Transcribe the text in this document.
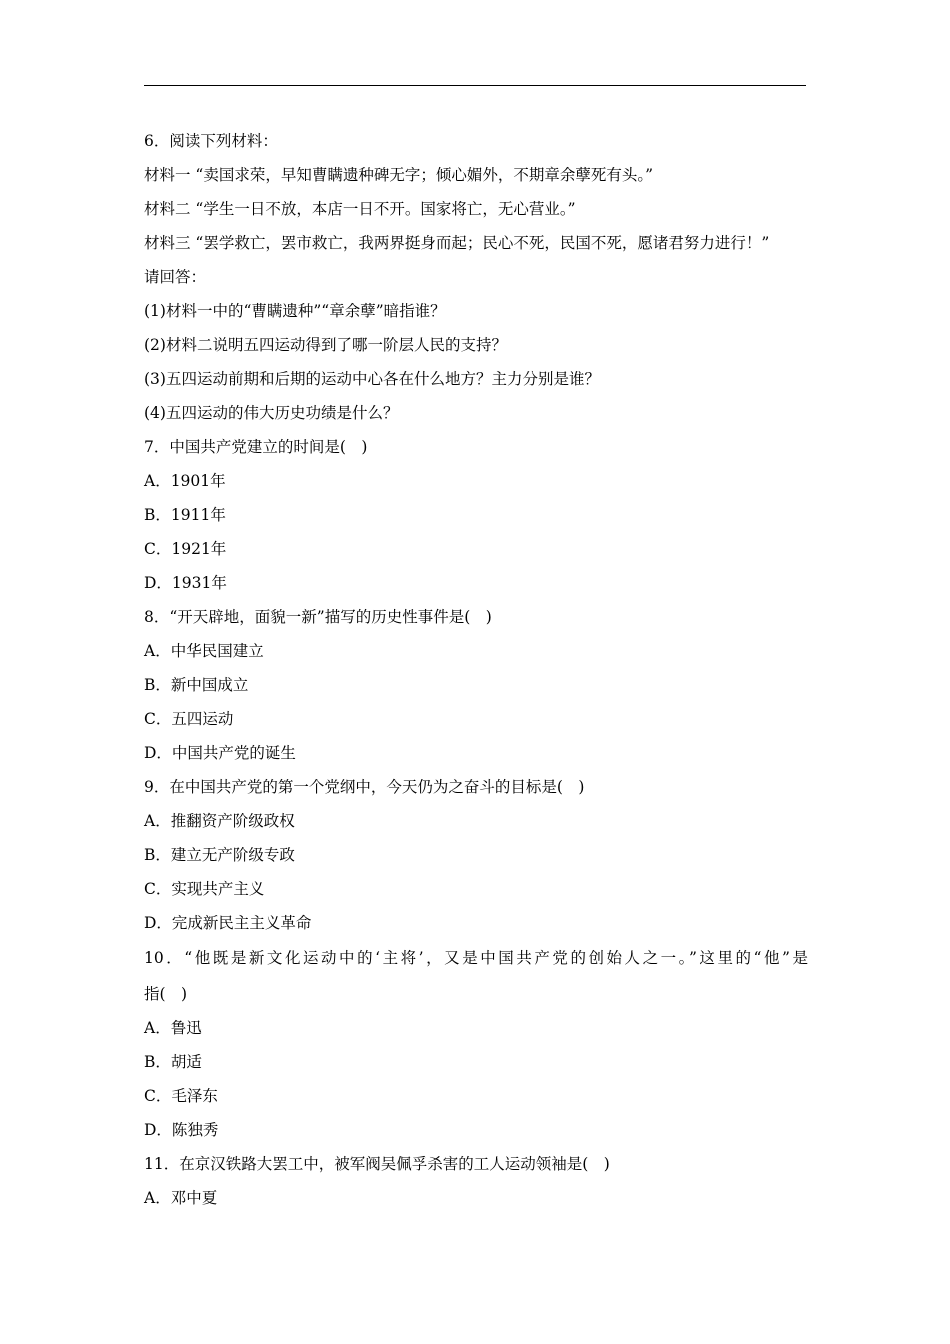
6．阅读下列材料：
材料一 “卖国求荣，早知曹瞒遗种碑无字；倾心媚外，不期章余孽死有头。”
材料二 “学生一日不放，本店一日不开。国家将亡，无心营业。”
材料三 “罢学救亡，罢市救亡，我两界挺身而起；民心不死，民国不死，愿诸君努力进行！”
请回答：
(1)材料一中的“曹瞒遗种”“章余孽”暗指谁？
(2)材料二说明五四运动得到了哪一阶层人民的支持？
(3)五四运动前期和后期的运动中心各在什么地方？主力分别是谁？
(4)五四运动的伟大历史功绩是什么？
7．中国共产党建立的时间是(　)
A．1901年
B．1911年
C．1921年
D．1931年
8．“开天辟地，面貌一新”描写的历史性事件是(　)
A．中华民国建立
B．新中国成立
C．五四运动
D．中国共产党的诞生
9．在中国共产党的第一个党纲中，今天仍为之奋斗的目标是(　)
A．推翻资产阶级政权
B．建立无产阶级专政
C．实现共产主义
D．完成新民主主义革命
10．“他既是新文化运动中的‘主将’，又是中国共产党的创始人之一。”这里的“他”是
指(　)
A．鲁迅
B．胡适
C．毛泽东
D．陈独秀
11．在京汉铁路大罢工中，被军阀吴佩孚杀害的工人运动领袖是(　)
A．邓中夏
